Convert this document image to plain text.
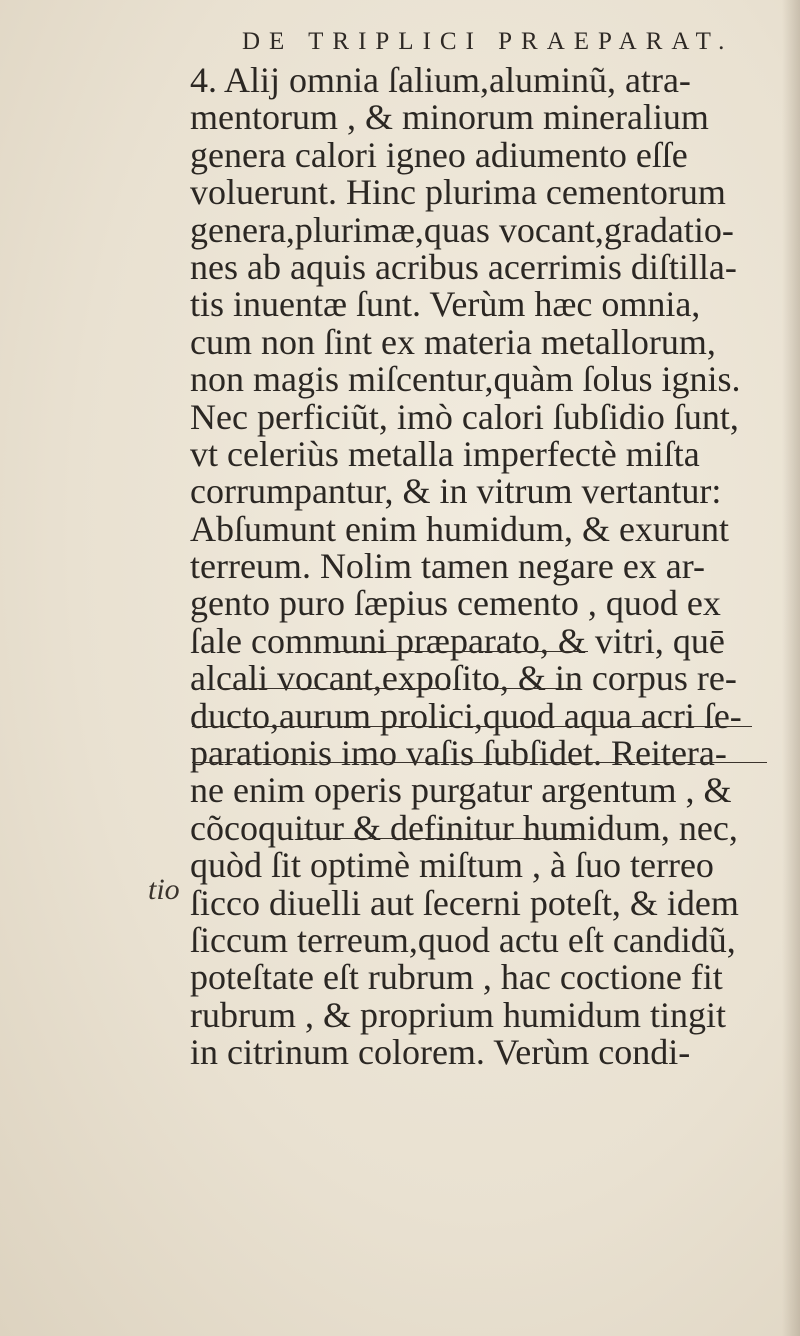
DE TRIPLICI PRAEPARAT.
tio
4. Alij omnia ſalium,aluminũ, atra-
mentorum , & minorum mineralium
genera calori igneo adiumento eſſe
voluerunt. Hinc plurima cementorum
genera,plurimæ,quas vocant,gradatio-
nes ab aquis acribus acerrimis diſtilla-
tis inuentæ ſunt. Verùm hæc omnia,
cum non ſint ex materia metallorum,
non magis miſcentur,quàm ſolus ignis.
Nec perficiũt, imò calori ſubſidio ſunt,
vt celeriùs metalla imperfectè miſta
corrumpantur, & in vitrum vertantur:
Abſumunt enim humidum, & exurunt
terreum. Nolim tamen negare ex ar-
gento puro ſæpius cemento , quod ex
ſale communi præparato, & vitri, quē
alcali vocant,expoſito, & in corpus re-
ducto,aurum prolici,quod aqua acri ſe-
parationis imo vaſis ſubſidet. Reitera-
ne enim operis purgatur argentum , &
cõcoquitur & definitur humidum, nec,
quòd ſit optimè miſtum , à ſuo terreo
ſicco diuelli aut ſecerni poteſt, & idem
ſiccum terreum,quod actu eſt candidũ,
poteſtate eſt rubrum , hac coctione fit
rubrum , & proprium humidum tingit
in citrinum colorem. Verùm condi-
